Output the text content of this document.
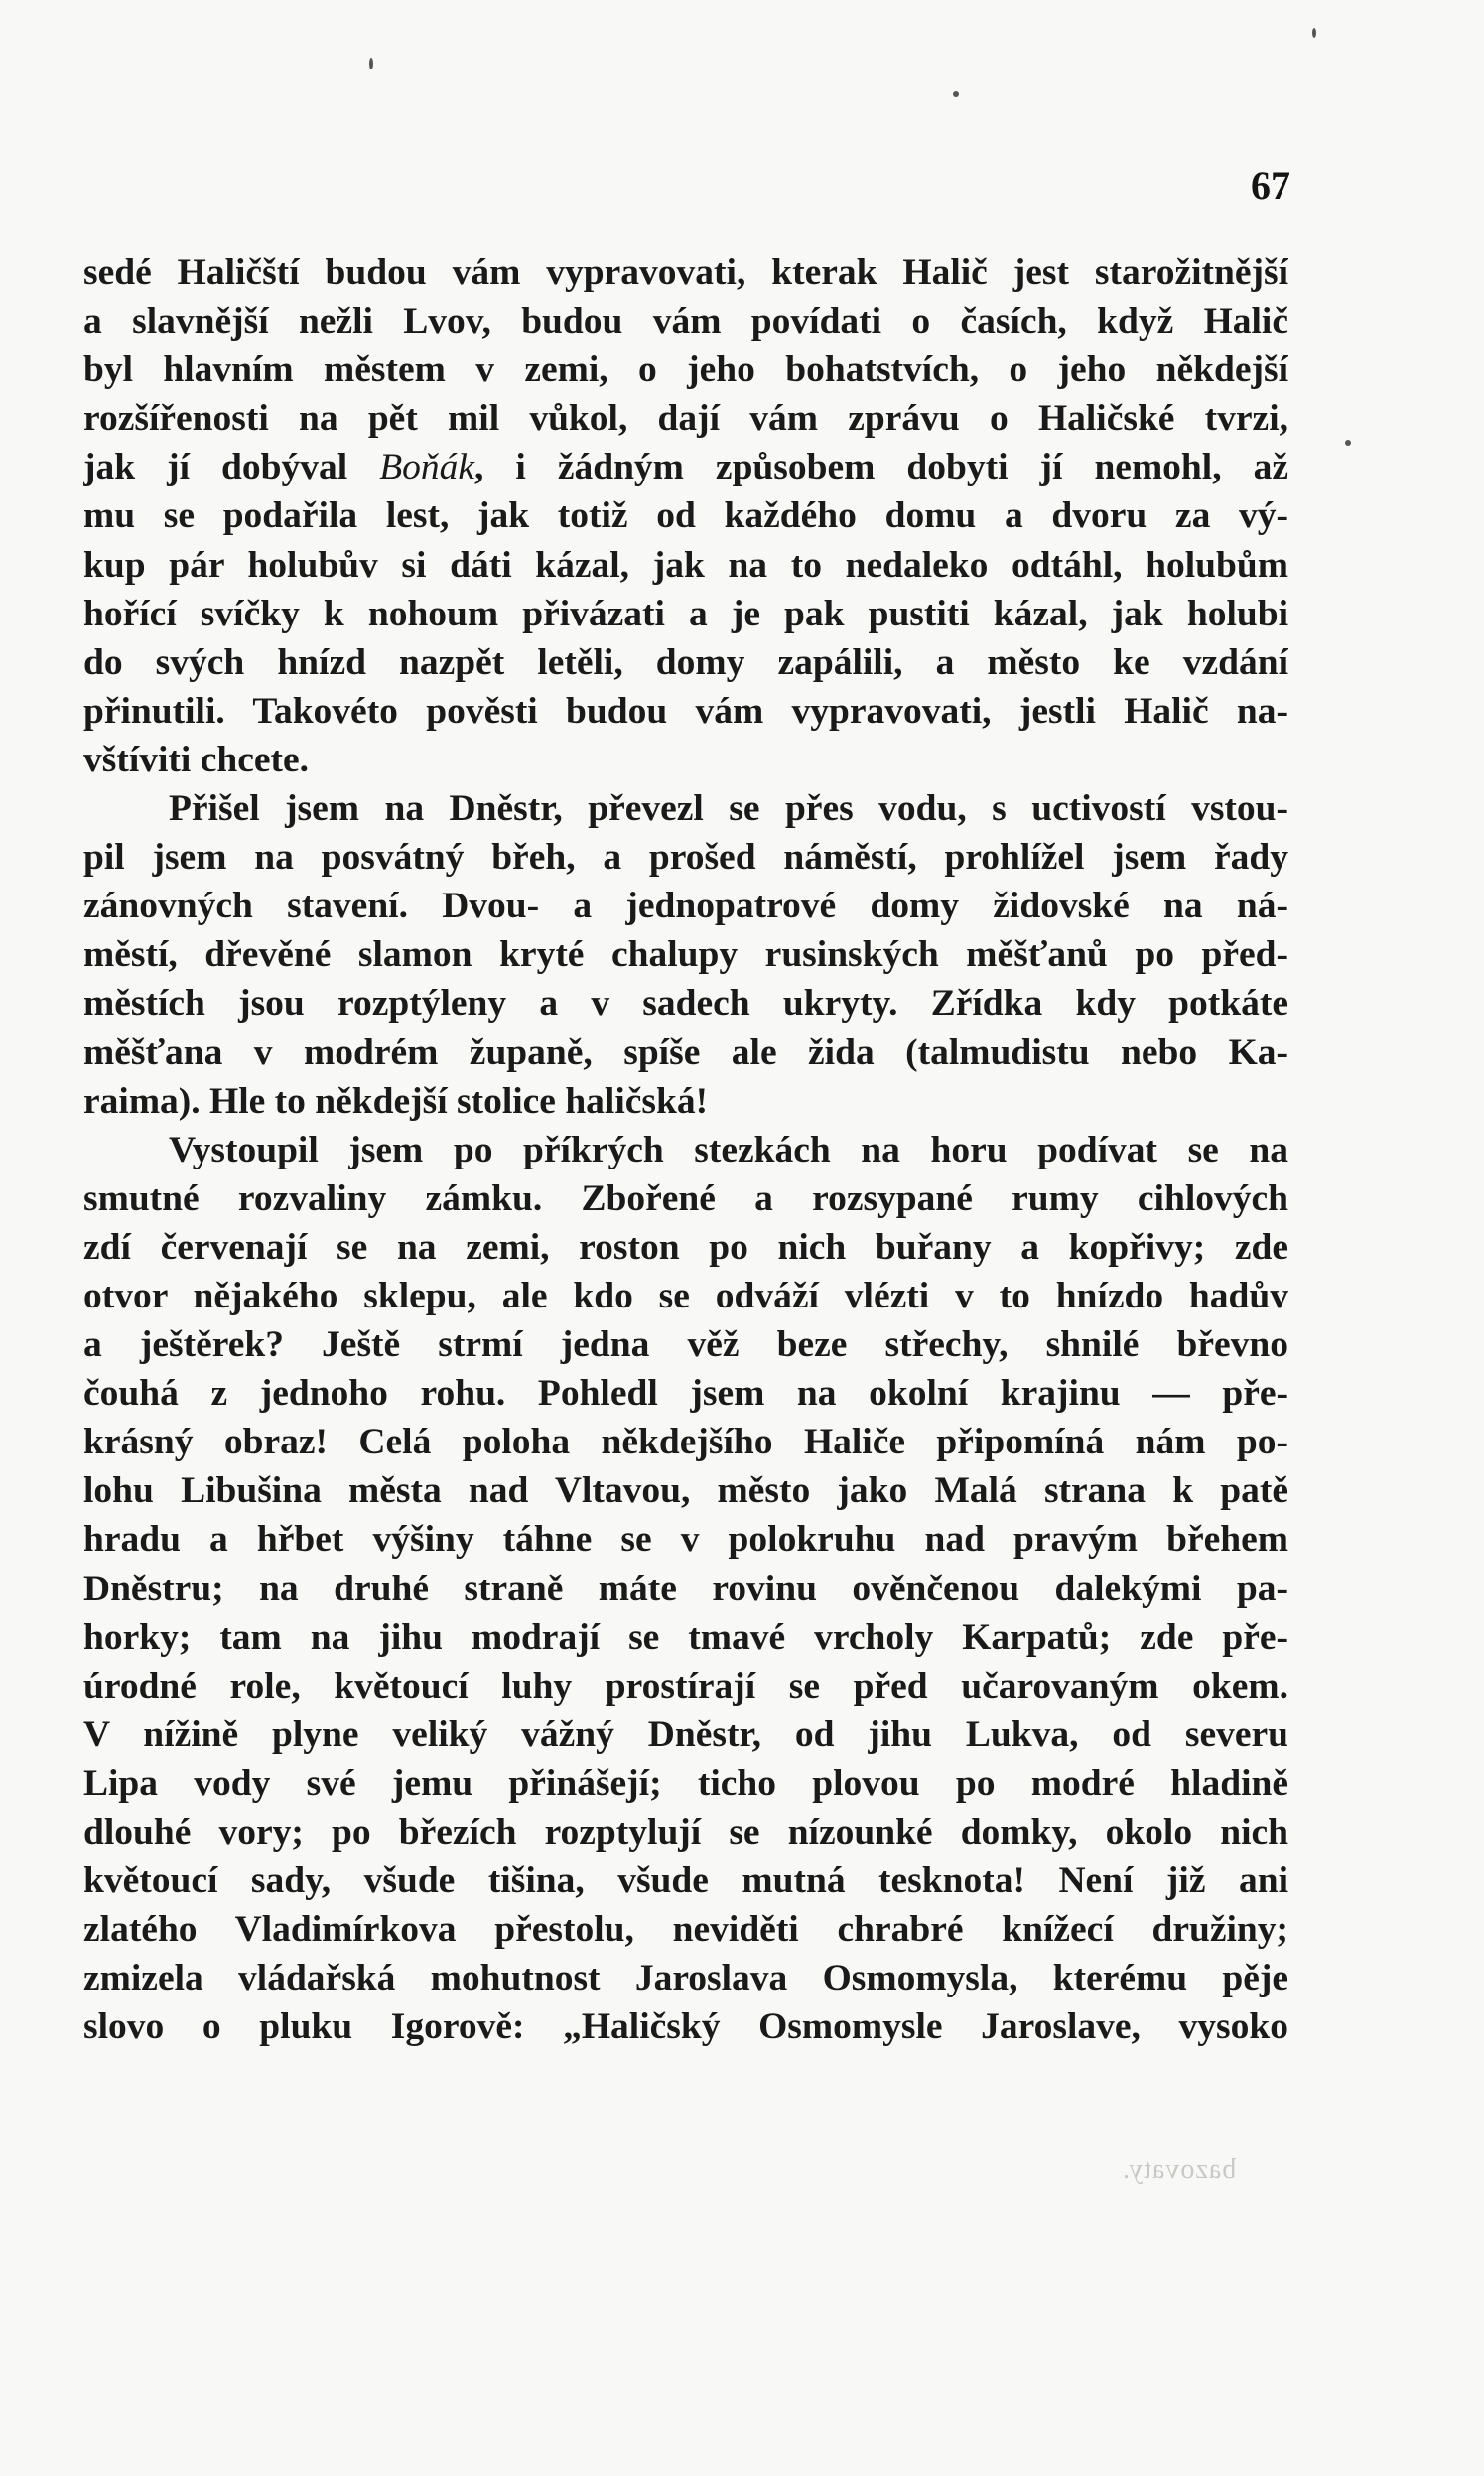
67
sedé Haličští budou vám vypravovati, kterak Halič jest starožitnější
a slavnější nežli Lvov, budou vám povídati o časích, když Halič
byl hlavním městem v zemi, o jeho bohatstvích, o jeho někdejší
rozšířenosti na pět mil vůkol, dají vám zprávu o Haličské tvrzi,
jak jí dobýval Boňák, i žádným způsobem dobyti jí nemohl, až
mu se podařila lest, jak totiž od každého domu a dvoru za vý-
kup pár holubův si dáti kázal, jak na to nedaleko odtáhl, holubům
hořící svíčky k nohoum přivázati a je pak pustiti kázal, jak holubi
do svých hnízd nazpět letěli, domy zapálili, a město ke vzdání
přinutili. Takovéto pověsti budou vám vypravovati, jestli Halič na-
vštíviti chcete.
Přišel jsem na Dněstr, převezl se přes vodu, s uctivostí vstou-
pil jsem na posvátný břeh, a prošed náměstí, prohlížel jsem řady
zánovných stavení. Dvou- a jednopatrové domy židovské na ná-
městí, dřevěné slamon kryté chalupy rusinských měšťanů po před-
městích jsou rozptýleny a v sadech ukryty. Zřídka kdy potkáte
měšťana v modrém županě, spíše ale žida (talmudistu nebo Ka-
raima). Hle to někdejší stolice haličská!
Vystoupil jsem po příkrých stezkách na horu podívat se na
smutné rozvaliny zámku. Zbořené a rozsypané rumy cihlových
zdí červenají se na zemi, roston po nich buřany a kopřivy; zde
otvor nějakého sklepu, ale kdo se odváží vlézti v to hnízdo hadův
a ještěrek? Ještě strmí jedna věž beze střechy, shnilé břevno
čouhá z jednoho rohu. Pohledl jsem na okolní krajinu — pře-
krásný obraz! Celá poloha někdejšího Haliče připomíná nám po-
lohu Libušina města nad Vltavou, město jako Malá strana k patě
hradu a hřbet výšiny táhne se v polokruhu nad pravým břehem
Dněstru; na druhé straně máte rovinu ověnčenou dalekými pa-
horky; tam na jihu modrají se tmavé vrcholy Karpatů; zde pře-
úrodné role, květoucí luhy prostírají se před učarovaným okem.
V nížině plyne veliký vážný Dněstr, od jihu Lukva, od severu
Lipa vody své jemu přinášejí; ticho plovou po modré hladině
dlouhé vory; po březích rozptylují se nízounké domky, okolo nich
květoucí sady, všude tišina, všude mutná tesknota! Není již ani
zlatého Vladimírkova přestolu, neviděti chrabré knížecí družiny;
zmizela vládařská mohutnost Jaroslava Osmomysla, kterému pěje
slovo o pluku Igorově: „Haličský Osmomysle Jaroslave, vysoko
bazovaty.
